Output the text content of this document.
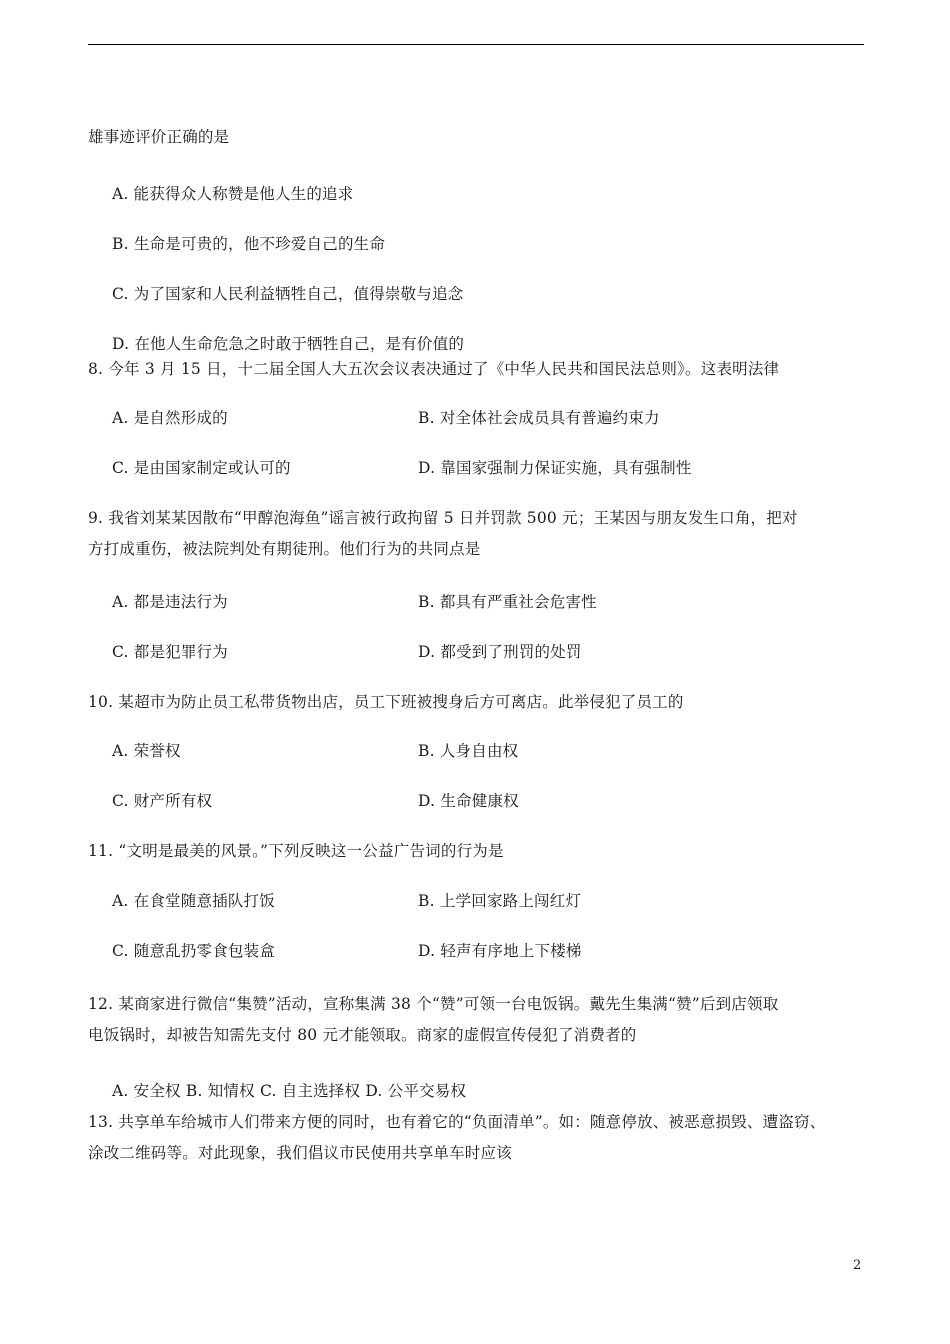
雄事迹评价正确的是
A. 能获得众人称赞是他人生的追求
B. 生命是可贵的，他不珍爱自己的生命
C. 为了国家和人民利益牺牲自己，值得崇敬与追念
D. 在他人生命危急之时敢于牺牲自己，是有价值的
8. 今年 3 月 15 日，十二届全国人大五次会议表决通过了《中华人民共和国民法总则》。这表明法律
A. 是自然形成的	B. 对全体社会成员具有普遍约束力
C. 是由国家制定或认可的	D. 靠国家强制力保证实施，具有强制性
9. 我省刘某某因散布“甲醇泡海鱼”谣言被行政拘留 5 日并罚款 500 元；王某因与朋友发生口角，把对
方打成重伤，被法院判处有期徒刑。他们行为的共同点是
A. 都是违法行为	B. 都具有严重社会危害性
C. 都是犯罪行为	D. 都受到了刑罚的处罚
10. 某超市为防止员工私带货物出店，员工下班被搜身后方可离店。此举侵犯了员工的
A. 荣誉权	B. 人身自由权
C. 财产所有权	D. 生命健康权
11. “文明是最美的风景。”下列反映这一公益广告词的行为是
A. 在食堂随意插队打饭	B. 上学回家路上闯红灯
C. 随意乱扔零食包装盒	D. 轻声有序地上下楼梯
12. 某商家进行微信“集赞”活动，宣称集满 38 个“赞”可领一台电饭锅。戴先生集满“赞”后到店领取
电饭锅时，却被告知需先支付 80 元才能领取。商家的虚假宣传侵犯了消费者的
A. 安全权 B. 知情权 C. 自主选择权 D. 公平交易权
13. 共享单车给城市人们带来方便的同时，也有着它的“负面清单”。如：随意停放、被恶意损毁、遭盗窃、
涂改二维码等。对此现象，我们倡议市民使用共享单车时应该
2
